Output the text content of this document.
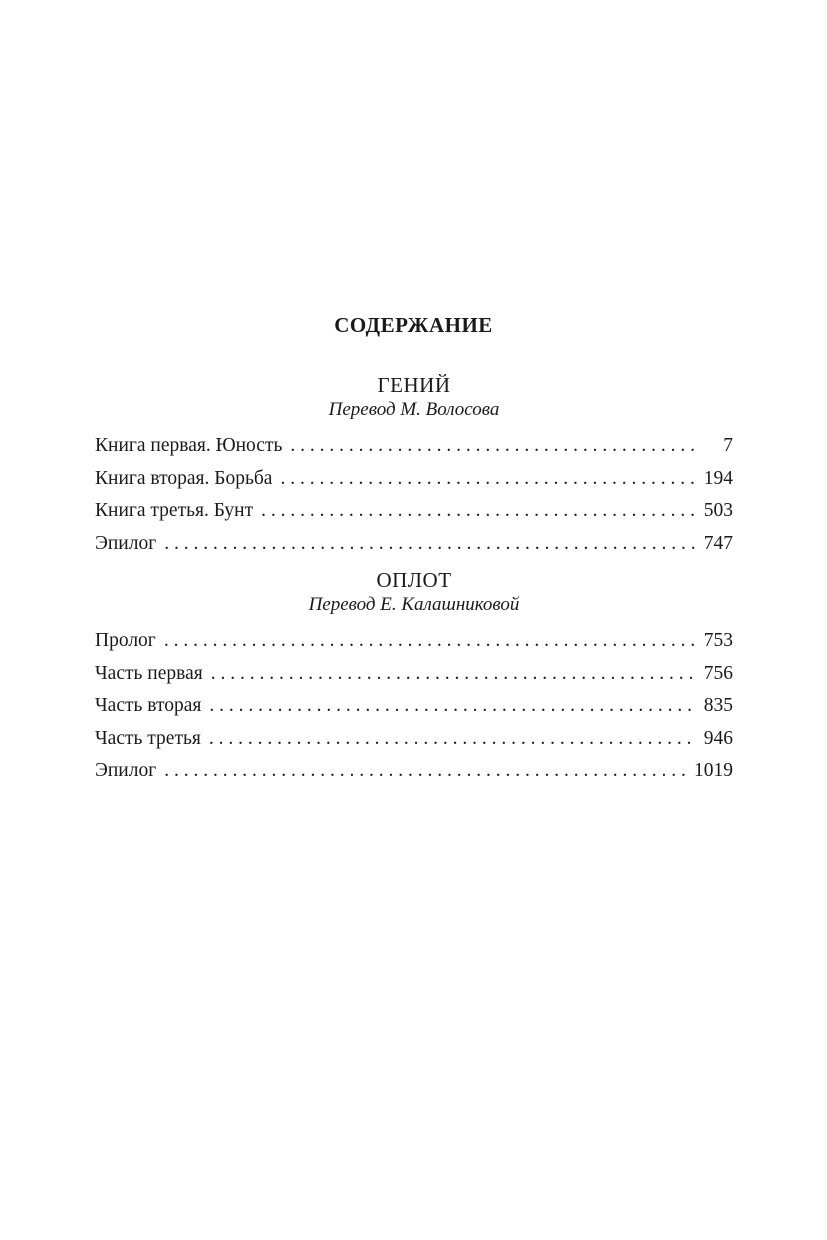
СОДЕРЖАНИЕ
ГЕНИЙ
Перевод М. Волосова
Книга первая. Юность . . .	7
Книга вторая. Борьба . . .	194
Книга третья. Бунт . . .	503
Эпилог . . .	747
ОПЛОТ
Перевод Е. Калашниковой
Пролог . . .	753
Часть первая . . .	756
Часть вторая . . .	835
Часть третья . . .	946
Эпилог . . .	1019
